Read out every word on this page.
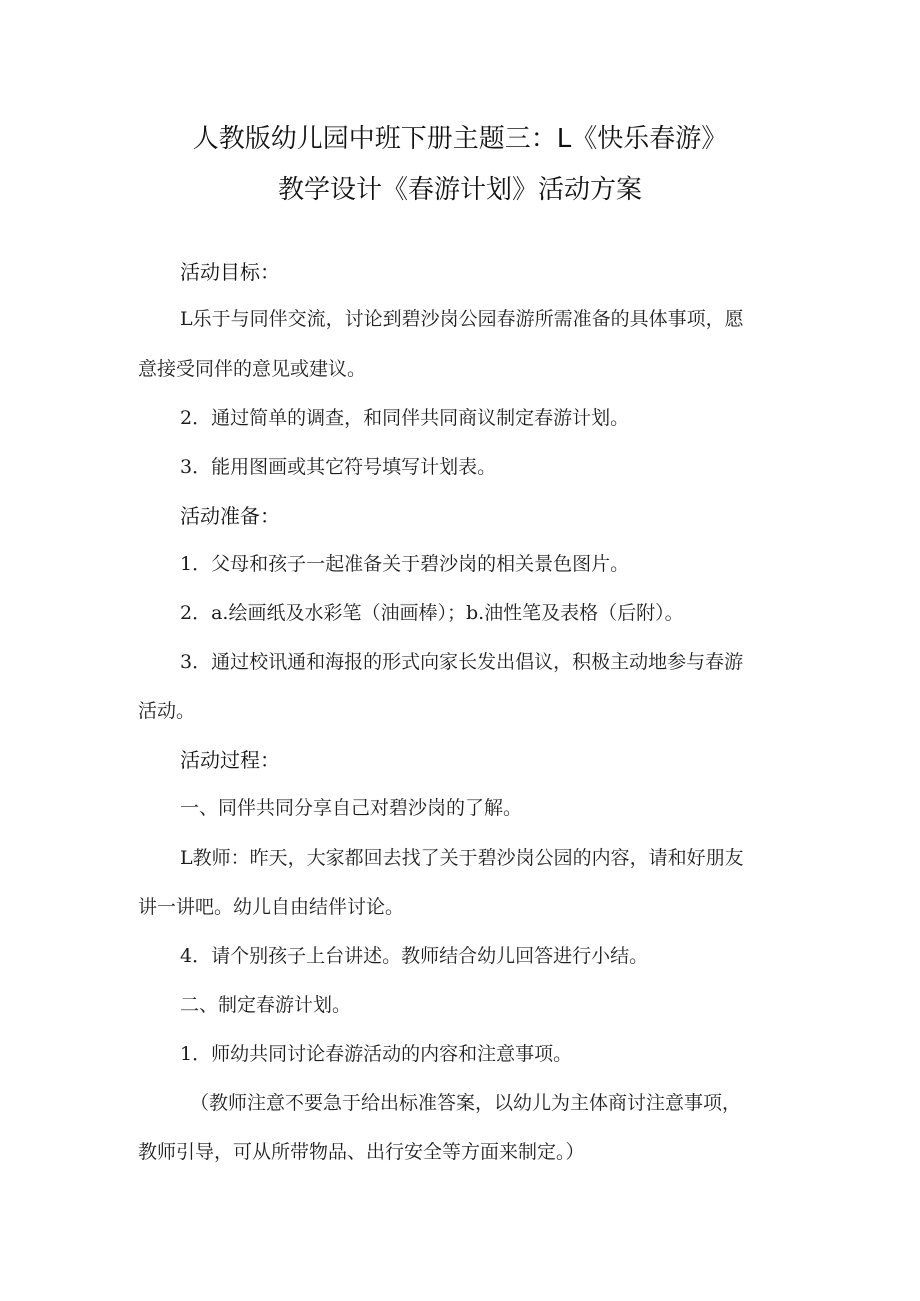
人教版幼儿园中班下册主题三：L《快乐春游》
教学设计《春游计划》活动方案
活动目标：
L乐于与同伴交流，讨论到碧沙岗公园春游所需准备的具体事项，愿
意接受同伴的意见或建议。
2．通过简单的调查，和同伴共同商议制定春游计划。
3．能用图画或其它符号填写计划表。
活动准备：
1．父母和孩子一起准备关于碧沙岗的相关景色图片。
2．a.绘画纸及水彩笔（油画棒）；b.油性笔及表格（后附）。
3．通过校讯通和海报的形式向家长发出倡议，积极主动地参与春游
活动。
活动过程：
一、同伴共同分享自己对碧沙岗的了解。
L教师：昨天，大家都回去找了关于碧沙岗公园的内容，请和好朋友
讲一讲吧。幼儿自由结伴讨论。
4．请个别孩子上台讲述。教师结合幼儿回答进行小结。
二、制定春游计划。
1．师幼共同讨论春游活动的内容和注意事项。
（教师注意不要急于给出标准答案，以幼儿为主体商讨注意事项，
教师引导，可从所带物品、出行安全等方面来制定。）
